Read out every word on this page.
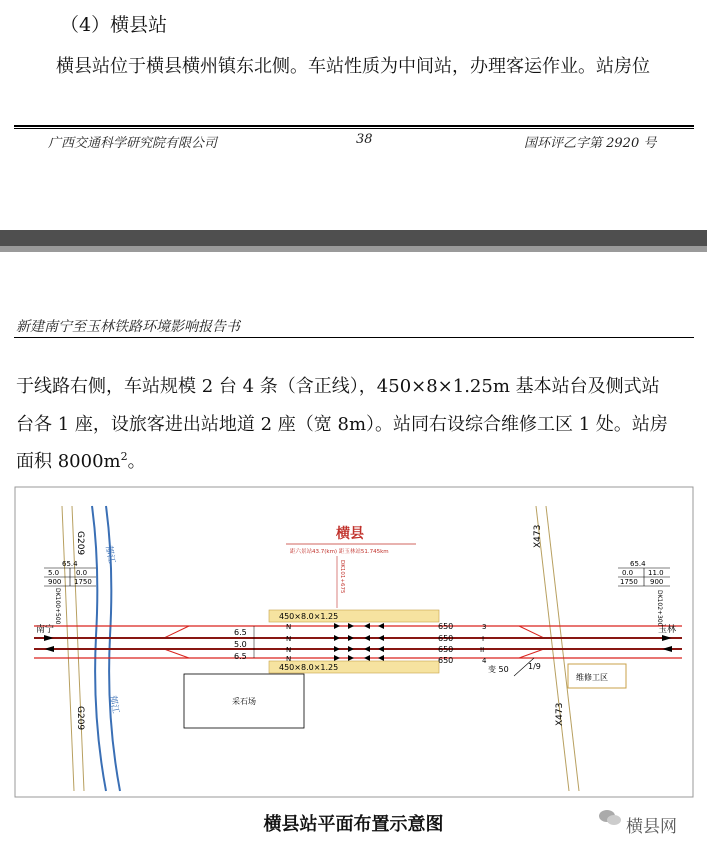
（4）横县站
横县站位于横县横州镇东北侧。车站性质为中间站，办理客运作业。站房位
广西交通科学研究院有限公司	38	国环评乙字第 2920 号
新建南宁至玉林铁路环境影响报告书
于线路右侧，车站规模 2 台 4 条（含正线），450×8×1.25m 基本站台及侧式站
台各 1 座，设旅客进出站地道 2 座（宽 8m）。站同右设综合维修工区 1 处。站房
面积 $8000m^2$。
G209
G209
郁江
郁江
X473
X473
65.4
5.0 0.0
900 1750
DK100+500
65.4
0.0 11.0
1750 900
DK102+300
横县
距六景站43.7(km) 距玉林站51.745km
DK101+675
450×8.0×1.25
450×8.0×1.25
南宁	玉林
6.5
5.0
6.5
N
N
N
N
650
650
650
650
3
I
II
4
变 50 1/9
维修工区
采石场
横县站平面布置示意图	横县网
